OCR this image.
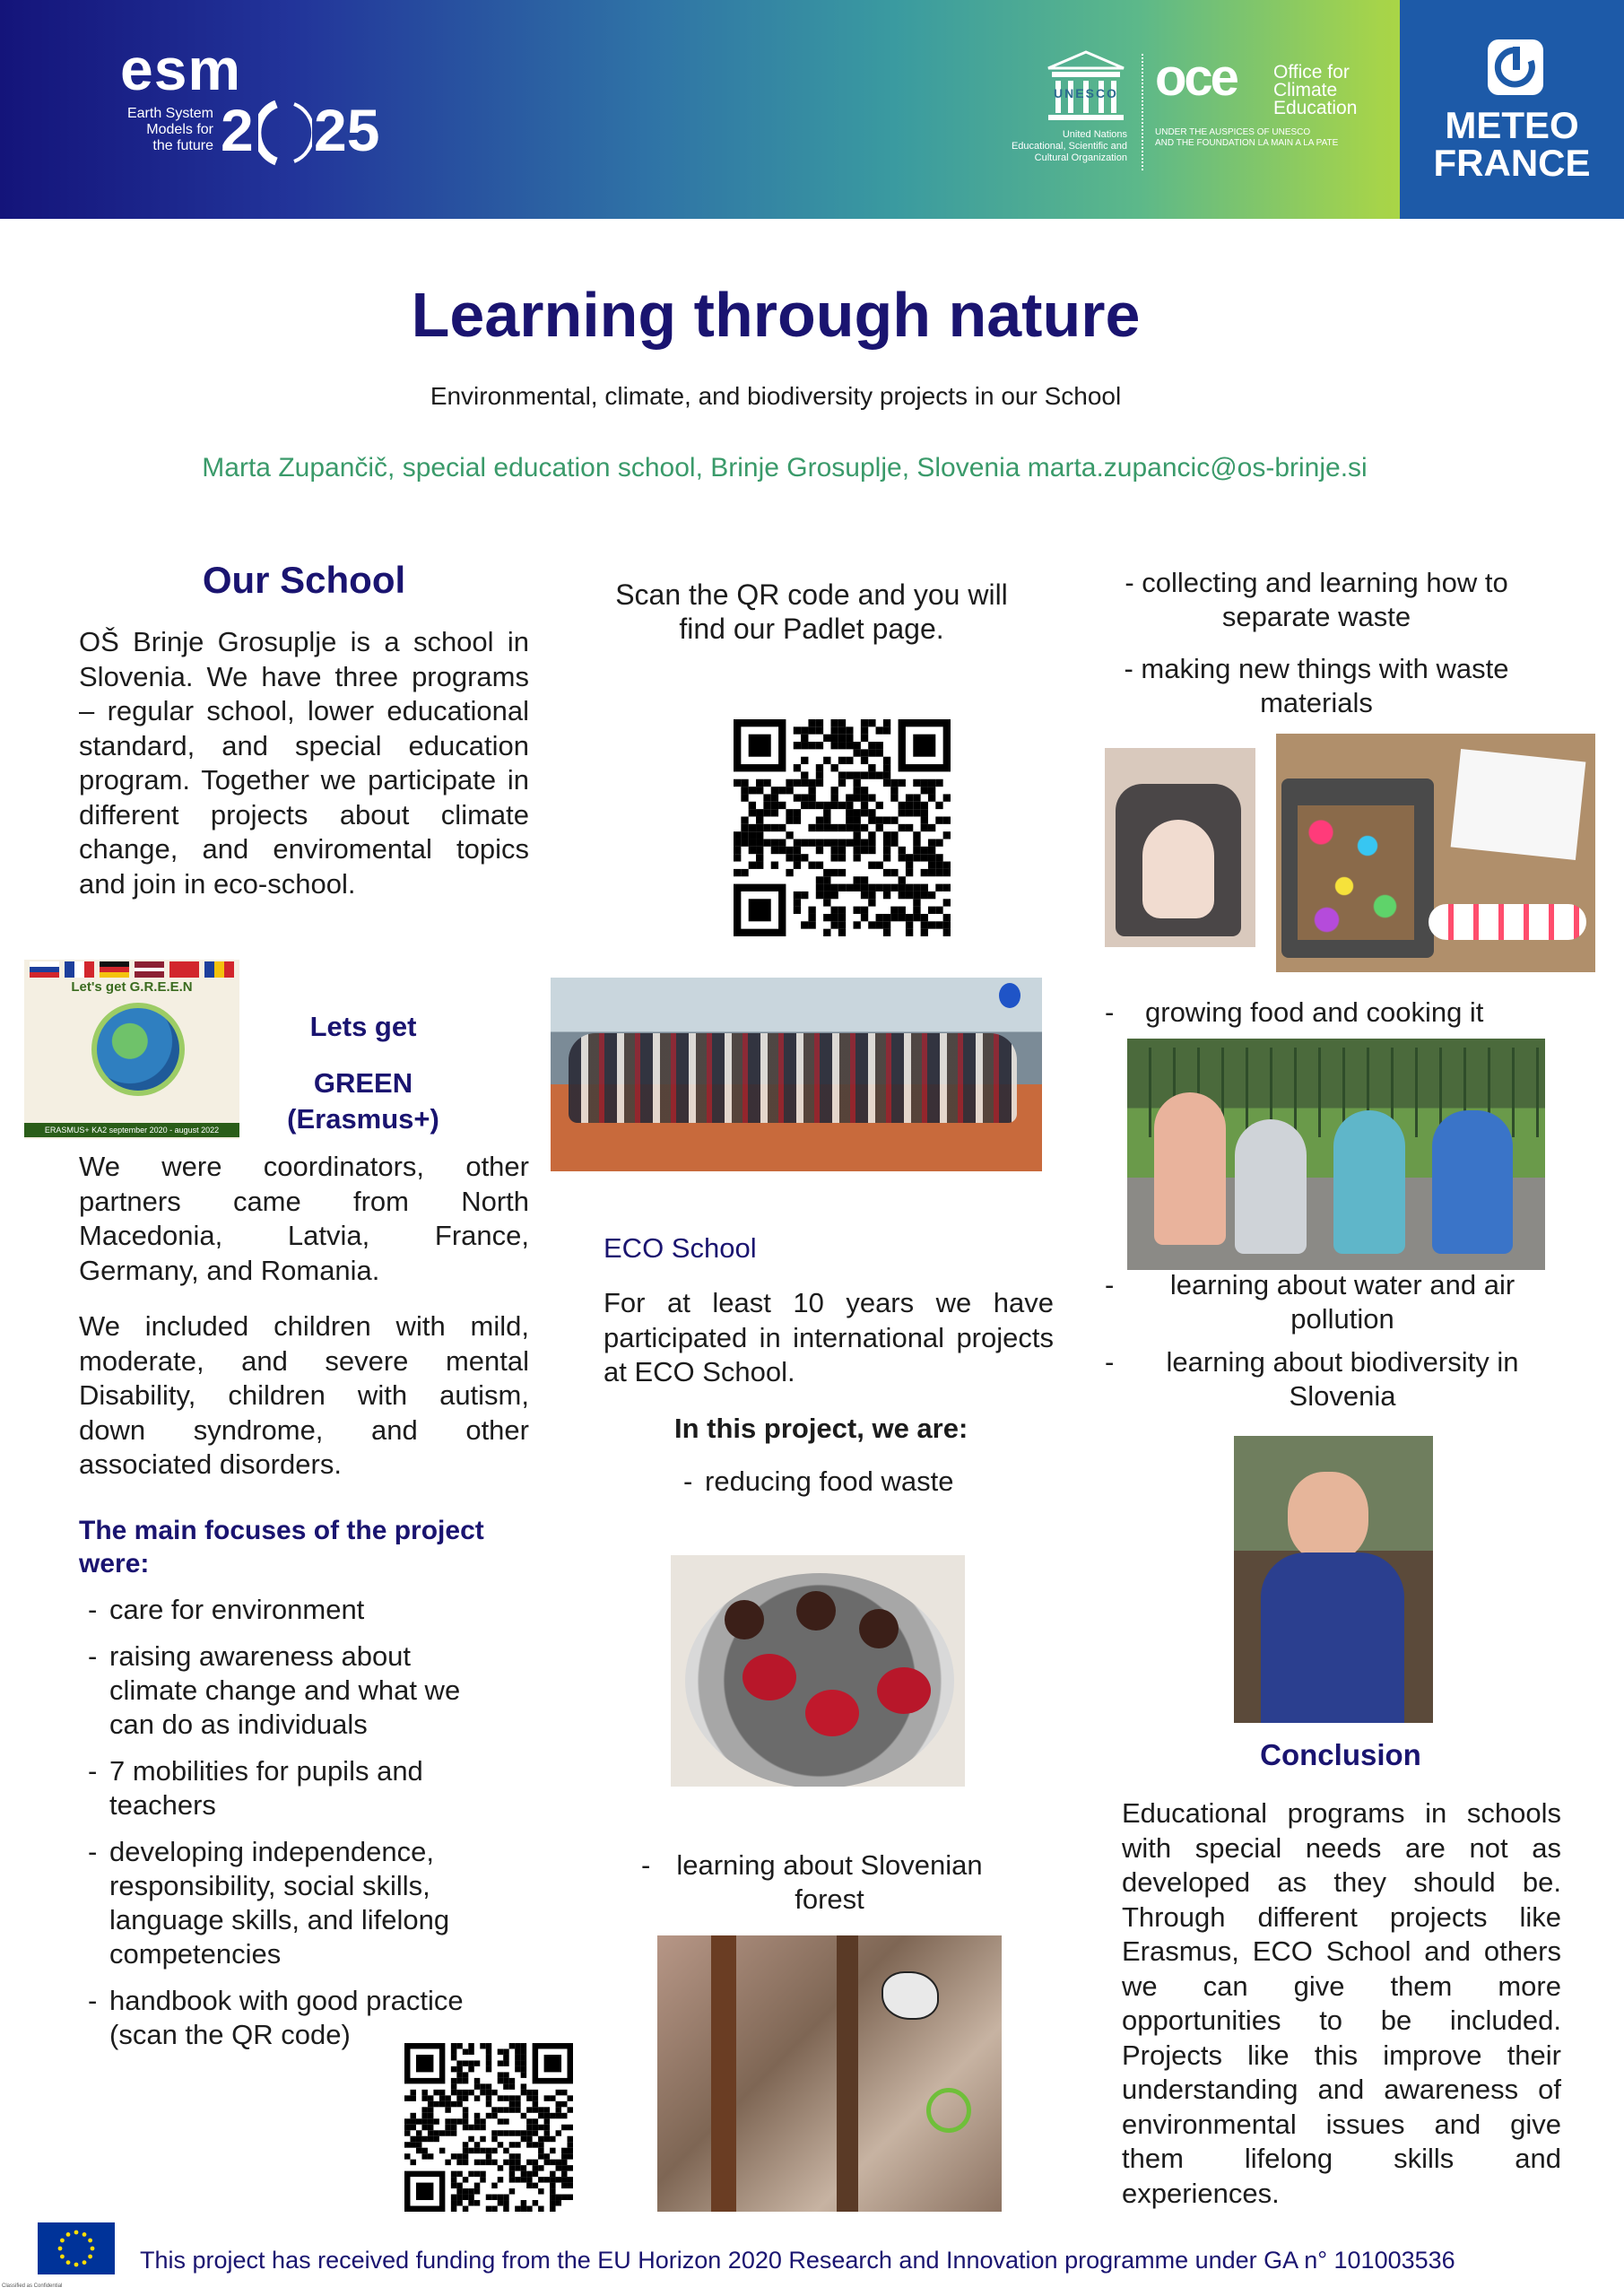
esm
Earth System
Models for
the future 2 25
UNESCO
United Nations
Educational, Scientific and
Cultural Organization
oce Office for
Climate
Education
UNDER THE AUSPICES OF UNESCO
AND THE FOUNDATION LA MAIN A LA PATE	METEO
FRANCE
Learning through nature
Environmental, climate, and biodiversity projects in our School
Marta Zupančič, special education school, Brinje Grosuplje, Slovenia marta.zupancic@os-brinje.si
Our School

OŠ Brinje Grosuplje is a school in Slovenia. We have three programs – regular school, lower educational standard, and special education program. Together we participate in different projects about climate change, and enviromental topics and join in eco-school.

Let's get G.R.E.E.N
ERASMUS+ KA2 september 2020 - august 2022
Lets get
GREEN (Erasmus+)

We were coordinators, other partners came from North Macedonia, Latvia, France, Germany, and Romania.

We included children with mild, moderate, and severe mental Disability, children with autism, down syndrome, and other associated disorders.

The main focuses of the project were:
- care for environment
- raising awareness about climate change and what we can do as individuals
- 7 mobilities for pupils and teachers
- developing independence, responsibility, social skills, language skills, and lifelong competencies
- handbook with good practice (scan the QR code)
Scan the QR code and you will find our Padlet page.
ECO School

For at least 10 years we have participated in international projects at ECO School.

In this project, we are:
- reducing food waste
- learning about Slovenian forest
- collecting and learning how to separate waste
- making new things with waste materials
-	growing food and cooking it
-	learning about water and air pollution
-	learning about biodiversity in Slovenia
Conclusion

Educational programs in schools with special needs are not as developed as they should be. Through different projects like Erasmus, ECO School and others we can give them more opportunities to be included. Projects like this improve their understanding and awareness of environmental issues and give them lifelong skills and experiences.

Classified as Confidential
This project has received funding from the EU Horizon 2020 Research and Innovation programme under GA n° 101003536
